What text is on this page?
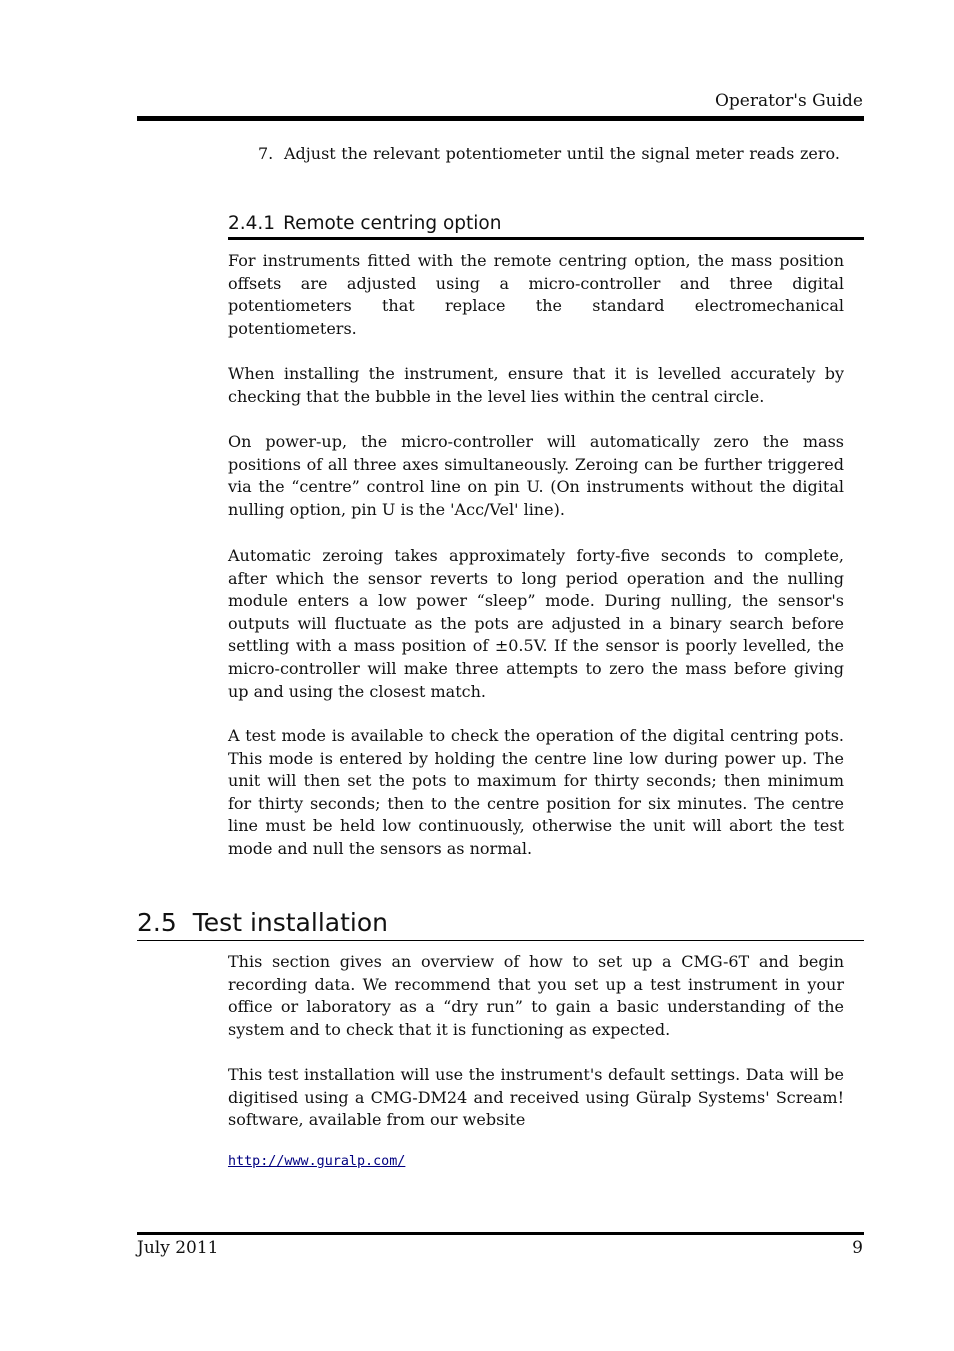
Operator's Guide
7. Adjust the relevant potentiometer until the signal meter reads zero.
2.4.1 Remote centring option

For instruments fitted with the remote centring option, the mass position offsets are adjusted using a micro-controller and three digital potentiometers that replace the standard electromechanical potentiometers.

When installing the instrument, ensure that it is levelled accurately by checking that the bubble in the level lies within the central circle.

On power-up, the micro-controller will automatically zero the mass positions of all three axes simultaneously. Zeroing can be further triggered via the “centre” control line on pin U. (On instruments without the digital nulling option, pin U is the 'Acc/Vel' line).

Automatic zeroing takes approximately forty-five seconds to complete, after which the sensor reverts to long period operation and the nulling module enters a low power “sleep” mode. During nulling, the sensor's outputs will fluctuate as the pots are adjusted in a binary search before settling with a mass position of ±0.5V. If the sensor is poorly levelled, the micro-controller will make three attempts to zero the mass before giving up and using the closest match.

A test mode is available to check the operation of the digital centring pots. This mode is entered by holding the centre line low during power up. The unit will then set the pots to maximum for thirty seconds; then minimum for thirty seconds; then to the centre position for six minutes. The centre line must be held low continuously, otherwise the unit will abort the test mode and null the sensors as normal.

2.5 Test installation

This section gives an overview of how to set up a CMG-6T and begin recording data. We recommend that you set up a test instrument in your office or laboratory as a “dry run” to gain a basic understanding of the system and to check that it is functioning as expected.

This test installation will use the instrument's default settings. Data will be digitised using a CMG-DM24 and received using Güralp Systems' Scream! software, available from our website

http://www.guralp.com/
July 2011	9
